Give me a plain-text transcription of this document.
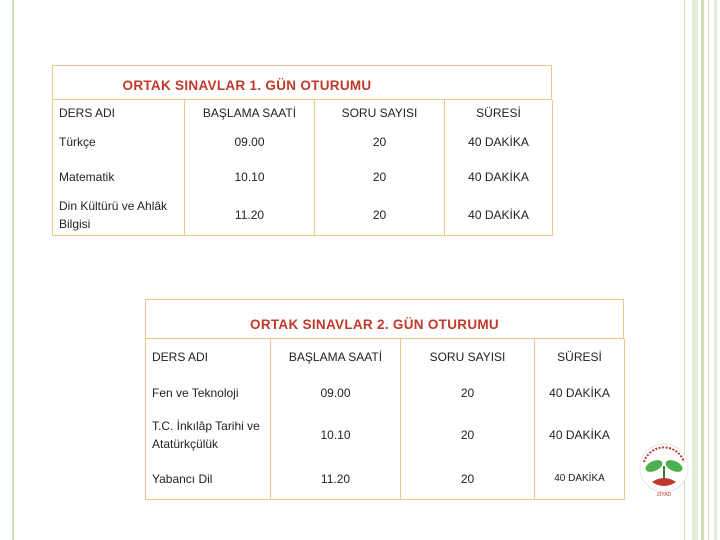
ORTAK SINAVLAR 1. GÜN OTURUMU
DERS ADI	BAŞLAMA SAATİ	SORU SAYISI	SÜRESİ
Türkçe	09.00	20	40 DAKİKA
Matematik	10.10	20	40 DAKİKA
Din Kültürü ve Ahlâk Bilgisi	11.20	20	40 DAKİKA
ORTAK SINAVLAR 2. GÜN OTURUMU
DERS ADI	BAŞLAMA SAATİ	SORU SAYISI	SÜRESİ
Fen ve Teknoloji	09.00	20	40 DAKİKA
T.C. İnkılâp Tarihi ve Atatürkçülük	10.10	20	40 DAKİKA
Yabancı Dil	11.20	20	40 DAKİKA
ZİYAD
